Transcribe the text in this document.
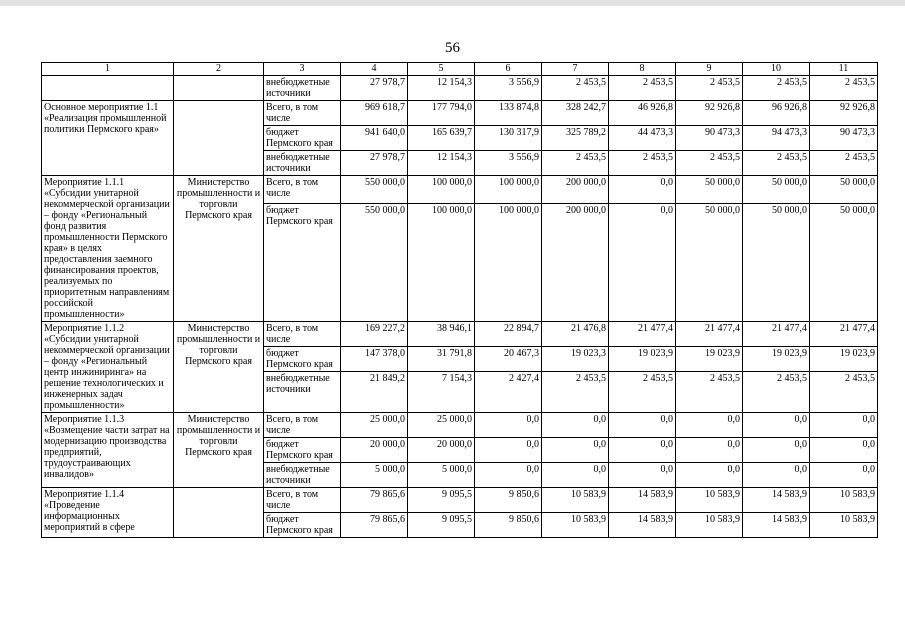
56
1	2	3	4	5	6	7	8	9	10	11
		внебюджетные источники	27 978,7	12 154,3	3 556,9	2 453,5	2 453,5	2 453,5	2 453,5	2 453,5
Основное мероприятие 1.1 «Реализация промышленной политики Пермского края»		Всего, в том числе	969 618,7	177 794,0	133 874,8	328 242,7	46 926,8	92 926,8	96 926,8	92 926,8
		бюджет Пермского края	941 640,0	165 639,7	130 317,9	325 789,2	44 473,3	90 473,3	94 473,3	90 473,3
		внебюджетные источники	27 978,7	12 154,3	3 556,9	2 453,5	2 453,5	2 453,5	2 453,5	2 453,5
Мероприятие 1.1.1 «Субсидии унитарной некоммерческой организации – фонду «Региональный фонд развития промышленности Пермского края» в целях предоставления заемного финансирования проектов, реализуемых по приоритетным направлениям российской промышленности»	Министерство промышленности и торговли Пермского края	Всего, в том числе	550 000,0	100 000,0	100 000,0	200 000,0	0,0	50 000,0	50 000,0	50 000,0
		бюджет Пермского края	550 000,0	100 000,0	100 000,0	200 000,0	0,0	50 000,0	50 000,0	50 000,0
Мероприятие 1.1.2 «Субсидии унитарной некоммерческой организации – фонду «Региональный центр инжиниринга» на решение технологических и инженерных задач промышленности»	Министерство промышленности и торговли Пермского края	Всего, в том числе	169 227,2	38 946,1	22 894,7	21 476,8	21 477,4	21 477,4	21 477,4	21 477,4
		бюджет Пермского края	147 378,0	31 791,8	20 467,3	19 023,3	19 023,9	19 023,9	19 023,9	19 023,9
		внебюджетные источники	21 849,2	7 154,3	2 427,4	2 453,5	2 453,5	2 453,5	2 453,5	2 453,5
Мероприятие 1.1.3 «Возмещение части затрат на модернизацию производства предприятий, трудоустраивающих инвалидов»	Министерство промышленности и торговли Пермского края	Всего, в том числе	25 000,0	25 000,0	0,0	0,0	0,0	0,0	0,0	0,0
		бюджет Пермского края	20 000,0	20 000,0	0,0	0,0	0,0	0,0	0,0	0,0
		внебюджетные источники	5 000,0	5 000,0	0,0	0,0	0,0	0,0	0,0	0,0
Мероприятие 1.1.4 «Проведение информационных мероприятий в сфере		Всего, в том числе	79 865,6	9 095,5	9 850,6	10 583,9	14 583,9	10 583,9	14 583,9	10 583,9
		бюджет Пермского края	79 865,6	9 095,5	9 850,6	10 583,9	14 583,9	10 583,9	14 583,9	10 583,9
